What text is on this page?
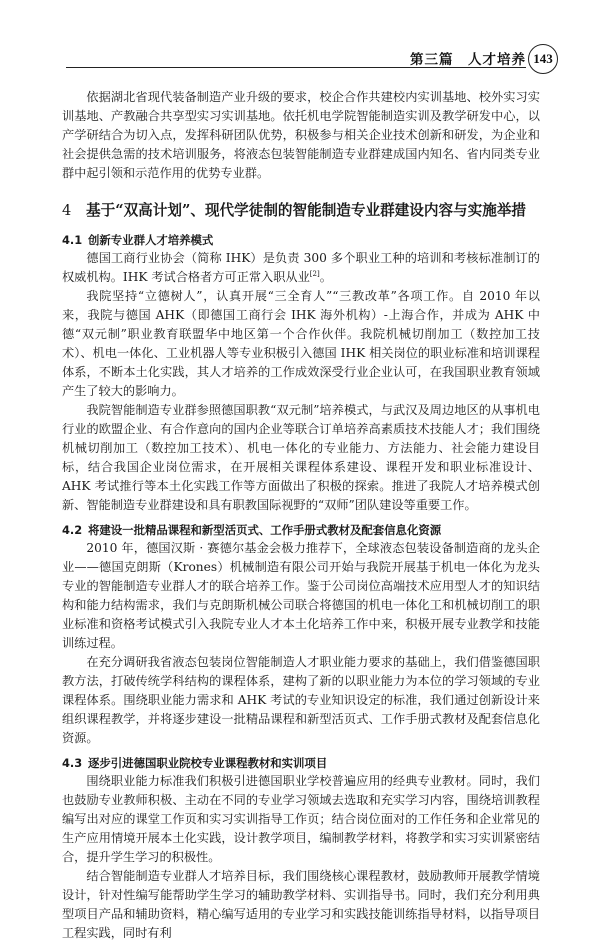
第三篇　人才培养 143

依据湖北省现代装备制造产业升级的要求，校企合作共建校内实训基地、校外实习实训基地、产教融合共享型实习实训基地。依托机电学院智能制造实训及教学研发中心，以产学研结合为切入点，发挥科研团队优势，积极参与相关企业技术创新和研发，为企业和社会提供急需的技术培训服务，将液态包装智能制造专业群建成国内知名、省内同类专业群中起引领和示范作用的优势专业群。

4 基于“双高计划”、现代学徒制的智能制造专业群建设内容与实施举措
4.1 创新专业群人才培养模式

德国工商行业协会（简称 IHK）是负责 300 多个职业工种的培训和考核标准制订的权威机构。IHK 考试合格者方可正常入职从业[2]。

我院坚持“立德树人”，认真开展“三全育人”“三教改革”各项工作。自 2010 年以来，我院与德国 AHK（即德国工商行会 IHK 海外机构）-上海合作，并成为 AHK 中德“双元制”职业教育联盟华中地区第一个合作伙伴。我院机械切削加工（数控加工技术）、机电一体化、工业机器人等专业积极引入德国 IHK 相关岗位的职业标准和培训课程体系，不断本土化实践，其人才培养的工作成效深受行业企业认可，在我国职业教育领域产生了较大的影响力。

我院智能制造专业群参照德国职教“双元制”培养模式，与武汉及周边地区的从事机电行业的欧盟企业、有合作意向的国内企业等联合订单培养高素质技术技能人才；我们围绕机械切削加工（数控加工技术）、机电一体化的专业能力、方法能力、社会能力建设目标，结合我国企业岗位需求，在开展相关课程体系建设、课程开发和职业标准设计、AHK 考试推行等本土化实践工作等方面做出了积极的探索。推进了我院人才培养模式创新、智能制造专业群建设和具有职教国际视野的“双师”团队建设等重要工作。

4.2 将建设一批精品课程和新型活页式、工作手册式教材及配套信息化资源

2010 年，德国汉斯 · 赛德尔基金会极力推荐下，全球液态包装设备制造商的龙头企业——德国克朗斯（Krones）机械制造有限公司开始与我院开展基于机电一体化为龙头专业的智能制造专业群人才的联合培养工作。鉴于公司岗位高端技术应用型人才的知识结构和能力结构需求，我们与克朗斯机械公司联合将德国的机电一体化工和机械切削工的职业标准和资格考试模式引入我院专业人才本土化培养工作中来，积极开展专业教学和技能训练过程。

在充分调研我省液态包装岗位智能制造人才职业能力要求的基础上，我们借鉴德国职教方法，打破传统学科结构的课程体系，建构了新的以职业能力为本位的学习领域的专业课程体系。围绕职业能力需求和 AHK 考试的专业知识设定的标准，我们通过创新设计来组织课程教学，并将逐步建设一批精品课程和新型活页式、工作手册式教材及配套信息化资源。

4.3 逐步引进德国职业院校专业课程教材和实训项目

围绕职业能力标准我们积极引进德国职业学校普遍应用的经典专业教材。同时，我们也鼓励专业教师积极、主动在不同的专业学习领域去选取和充实学习内容，围绕培训教程编写出对应的课堂工作页和实习实训指导工作页；结合岗位面对的工作任务和企业常见的生产应用情境开展本土化实践，设计教学项目，编制教学材料，将教学和实习实训紧密结合，提升学生学习的积极性。

结合智能制造专业群人才培养目标，我们围绕核心课程教材，鼓励教师开展教学情境设计，针对性编写能帮助学生学习的辅助教学材料、实训指导书。同时，我们充分利用典型项目产品和辅助资料，精心编写适用的专业学习和实践技能训练指导材料，以指导项目工程实践，同时有利
